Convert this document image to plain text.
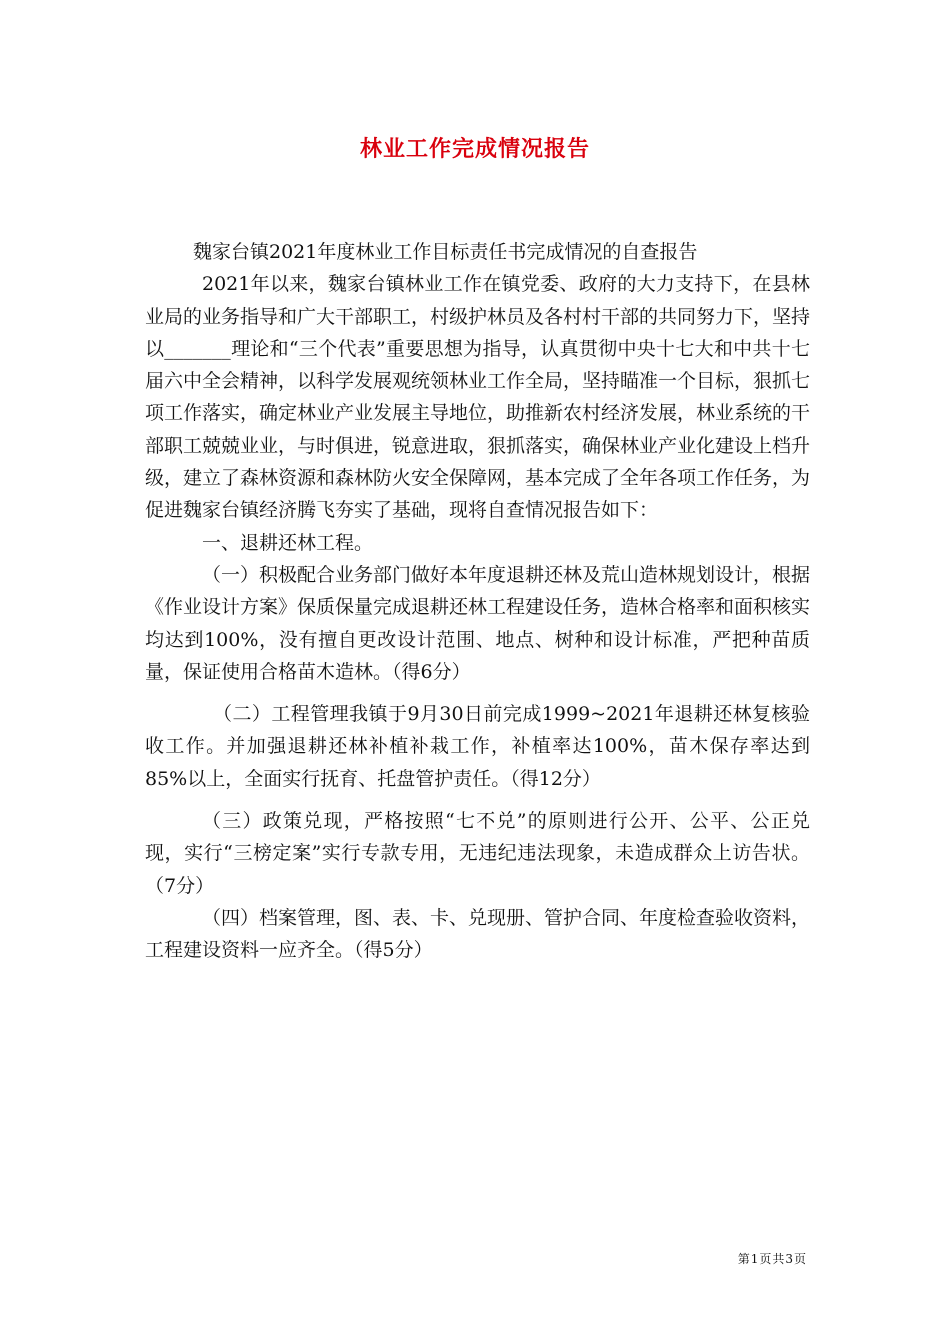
林业工作完成情况报告

魏家台镇2021年度林业工作目标责任书完成情况的自查报告

2021年以来，魏家台镇林业工作在镇党委、政府的大力支持下，在县林业局的业务指导和广大干部职工，村级护林员及各村村干部的共同努力下，坚持以_______理论和“三个代表”重要思想为指导，认真贯彻中央十七大和中共十七届六中全会精神，以科学发展观统领林业工作全局，坚持瞄准一个目标，狠抓七项工作落实，确定林业产业发展主导地位，助推新农村经济发展，林业系统的干部职工兢兢业业，与时俱进，锐意进取，狠抓落实，确保林业产业化建设上档升级，建立了森林资源和森林防火安全保障网，基本完成了全年各项工作任务，为促进魏家台镇经济腾飞夯实了基础，现将自查情况报告如下：

一、退耕还林工程。

（一）积极配合业务部门做好本年度退耕还林及荒山造林规划设计，根据《作业设计方案》保质保量完成退耕还林工程建设任务，造林合格率和面积核实均达到100%，没有擅自更改设计范围、地点、树种和设计标准，严把种苗质量，保证使用合格苗木造林。（得6分）

（二）工程管理我镇于9月30日前完成1999~2021年退耕还林复核验收工作。并加强退耕还林补植补栽工作，补植率达100%，苗木保存率达到85%以上，全面实行抚育、托盘管护责任。（得12分）

（三）政策兑现，严格按照“七不兑”的原则进行公开、公平、公正兑现，实行“三榜定案”实行专款专用，无违纪违法现象，未造成群众上访告状。（7分）

（四）档案管理，图、表、卡、兑现册、管护合同、年度检查验收资料，工程建设资料一应齐全。（得5分）

第1页共3页
